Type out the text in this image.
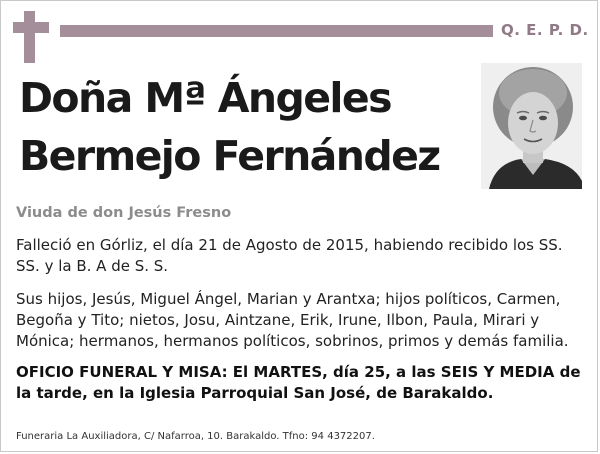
Q. E. P. D.
Doña Mª Ángeles
Bermejo Fernández
Viuda de don Jesús Fresno
Falleció en Górliz, el día 21 de Agosto de 2015, habiendo recibido los SS. SS. y la B. A de S. S.
Sus hijos, Jesús, Miguel Ángel, Marian y Arantxa; hijos políticos, Carmen, Begoña y Tito; nietos, Josu, Aintzane, Erik, Irune, Ilbon, Paula, Mirari y Mónica; hermanos, hermanos políticos, sobrinos, primos y demás familia.
OFICIO FUNERAL Y MISA: El MARTES, día 25, a las SEIS Y MEDIA de la tarde, en la Iglesia Parroquial San José, de Barakaldo.
Funeraria La Auxiliadora, C/ Nafarroa, 10. Barakaldo. Tfno: 94 4372207.
